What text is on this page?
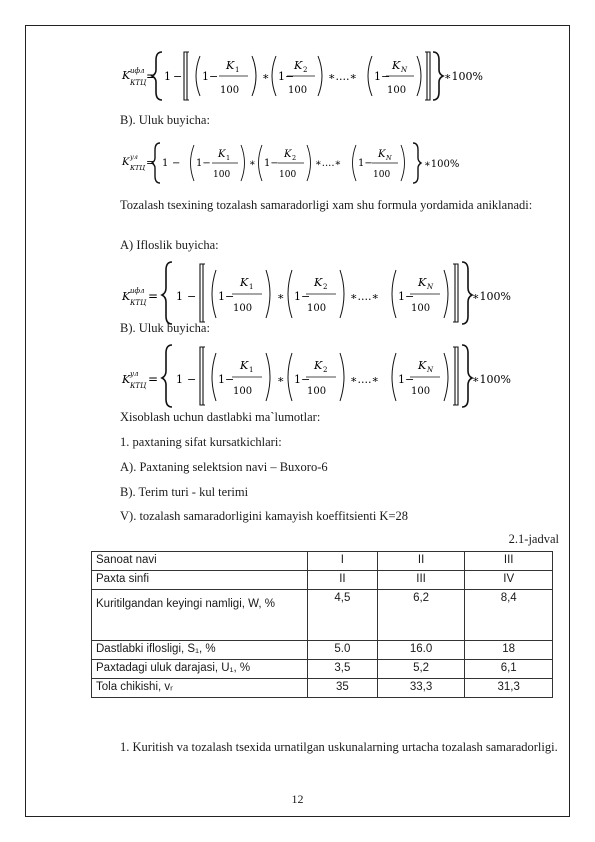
K ифл
КТЦ = 1 − 1−
K 1
100
∗ 1−
K 2
100
∗....∗ 1−
K N
100
∗100%
B). Uluk buyicha:
K ул
КТЦ = 1 − 1−
K 1
100
∗ 1−
K 2
100
∗....∗ 1−
K N
100
∗100%
Tozalash tsexining tozalash samaradorligi xam shu formula yordamida aniklanadi:
A) Ifloslik buyicha:
K ифл
КТЦ = 1 − 1−
K 1
100
∗ 1−
K 2
100
∗....∗ 1−
K N
100
∗100%
B). Uluk buyicha:
K ул
КТЦ = 1 − 1−
K 1
100
∗ 1−
K 2
100
∗....∗ 1−
K N
100
∗100%
Xisoblash uchun dastlabki ma`lumotlar:
1. paxtaning sifat kursatkichlari:
A). Paxtaning selektsion navi – Buxoro-6
B). Terim turi - kul terimi
V). tozalash samaradorligini kamayish koeffitsienti K=28
2.1-jadval
Sanoat navi	I	II	III
Paxta sinfi	II	III	IV
Kuritilgandan keyingi namligi, W, %	4,5	6,2	8,4
Dastlabki iflosligi, S₁, %	5.0	16.0	18
Paxtadagi uluk darajasi, U₁, %	3,5	5,2	6,1
Tola chikishi, vᵣ	35	33,3	31,3
1. Kuritish va tozalash tsexida urnatilgan uskunalarning urtacha tozalash samaradorligi.
12
